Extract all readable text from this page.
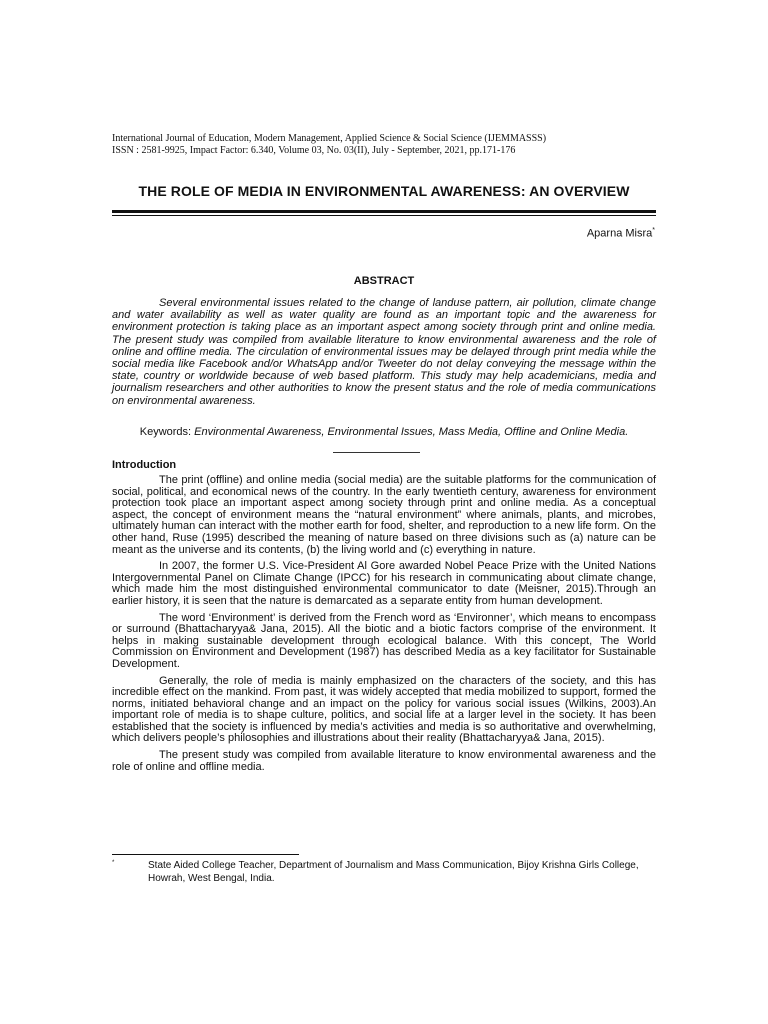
International Journal of Education, Modern Management, Applied Science & Social Science (IJEMMASSS)
ISSN : 2581-9925, Impact Factor: 6.340, Volume 03, No. 03(II), July - September, 2021, pp.171-176
THE ROLE OF MEDIA IN ENVIRONMENTAL AWARENESS: AN OVERVIEW
Aparna Misra*
ABSTRACT
Several environmental issues related to the change of landuse pattern, air pollution, climate change and water availability as well as water quality are found as an important topic and the awareness for environment protection is taking place as an important aspect among society through print and online media. The present study was compiled from available literature to know environmental awareness and the role of online and offline media. The circulation of environmental issues may be delayed through print media while the social media like Facebook and/or WhatsApp and/or Tweeter do not delay conveying the message within the state, country or worldwide because of web based platform. This study may help academicians, media and journalism researchers and other authorities to know the present status and the role of media communications on environmental awareness.
Keywords: Environmental Awareness, Environmental Issues, Mass Media, Offline and Online Media.
Introduction

The print (offline) and online media (social media) are the suitable platforms for the communication of social, political, and economical news of the country. In the early twentieth century, awareness for environment protection took place an important aspect among society through print and online media. As a conceptual aspect, the concept of environment means the “natural environment” where animals, plants, and microbes, ultimately human can interact with the mother earth for food, shelter, and reproduction to a new life form. On the other hand, Ruse (1995) described the meaning of nature based on three divisions such as (a) nature can be meant as the universe and its contents, (b) the living world and (c) everything in nature.

In 2007, the former U.S. Vice-President Al Gore awarded Nobel Peace Prize with the United Nations Intergovernmental Panel on Climate Change (IPCC) for his research in communicating about climate change, which made him the most distinguished environmental communicator to date (Meisner, 2015).Through an earlier history, it is seen that the nature is demarcated as a separate entity from human development.

The word ‘Environment’ is derived from the French word as ‘Environner’, which means to encompass or surround (Bhattacharyya& Jana, 2015). All the biotic and a biotic factors comprise of the environment. It helps in making sustainable development through ecological balance. With this concept, The World Commission on Environment and Development (1987) has described Media as a key facilitator for Sustainable Development.

Generally, the role of media is mainly emphasized on the characters of the society, and this has incredible effect on the mankind. From past, it was widely accepted that media mobilized to support, formed the norms, initiated behavioral change and an impact on the policy for various social issues (Wilkins, 2003).An important role of media is to shape culture, politics, and social life at a larger level in the society. It has been established that the society is influenced by media’s activities and media is so authoritative and overwhelming, which delivers people’s philosophies and illustrations about their reality (Bhattacharyya& Jana, 2015).

The present study was compiled from available literature to know environmental awareness and the role of online and offline media.

*	State Aided College Teacher, Department of Journalism and Mass Communication, Bijoy Krishna Girls College, Howrah, West Bengal, India.
